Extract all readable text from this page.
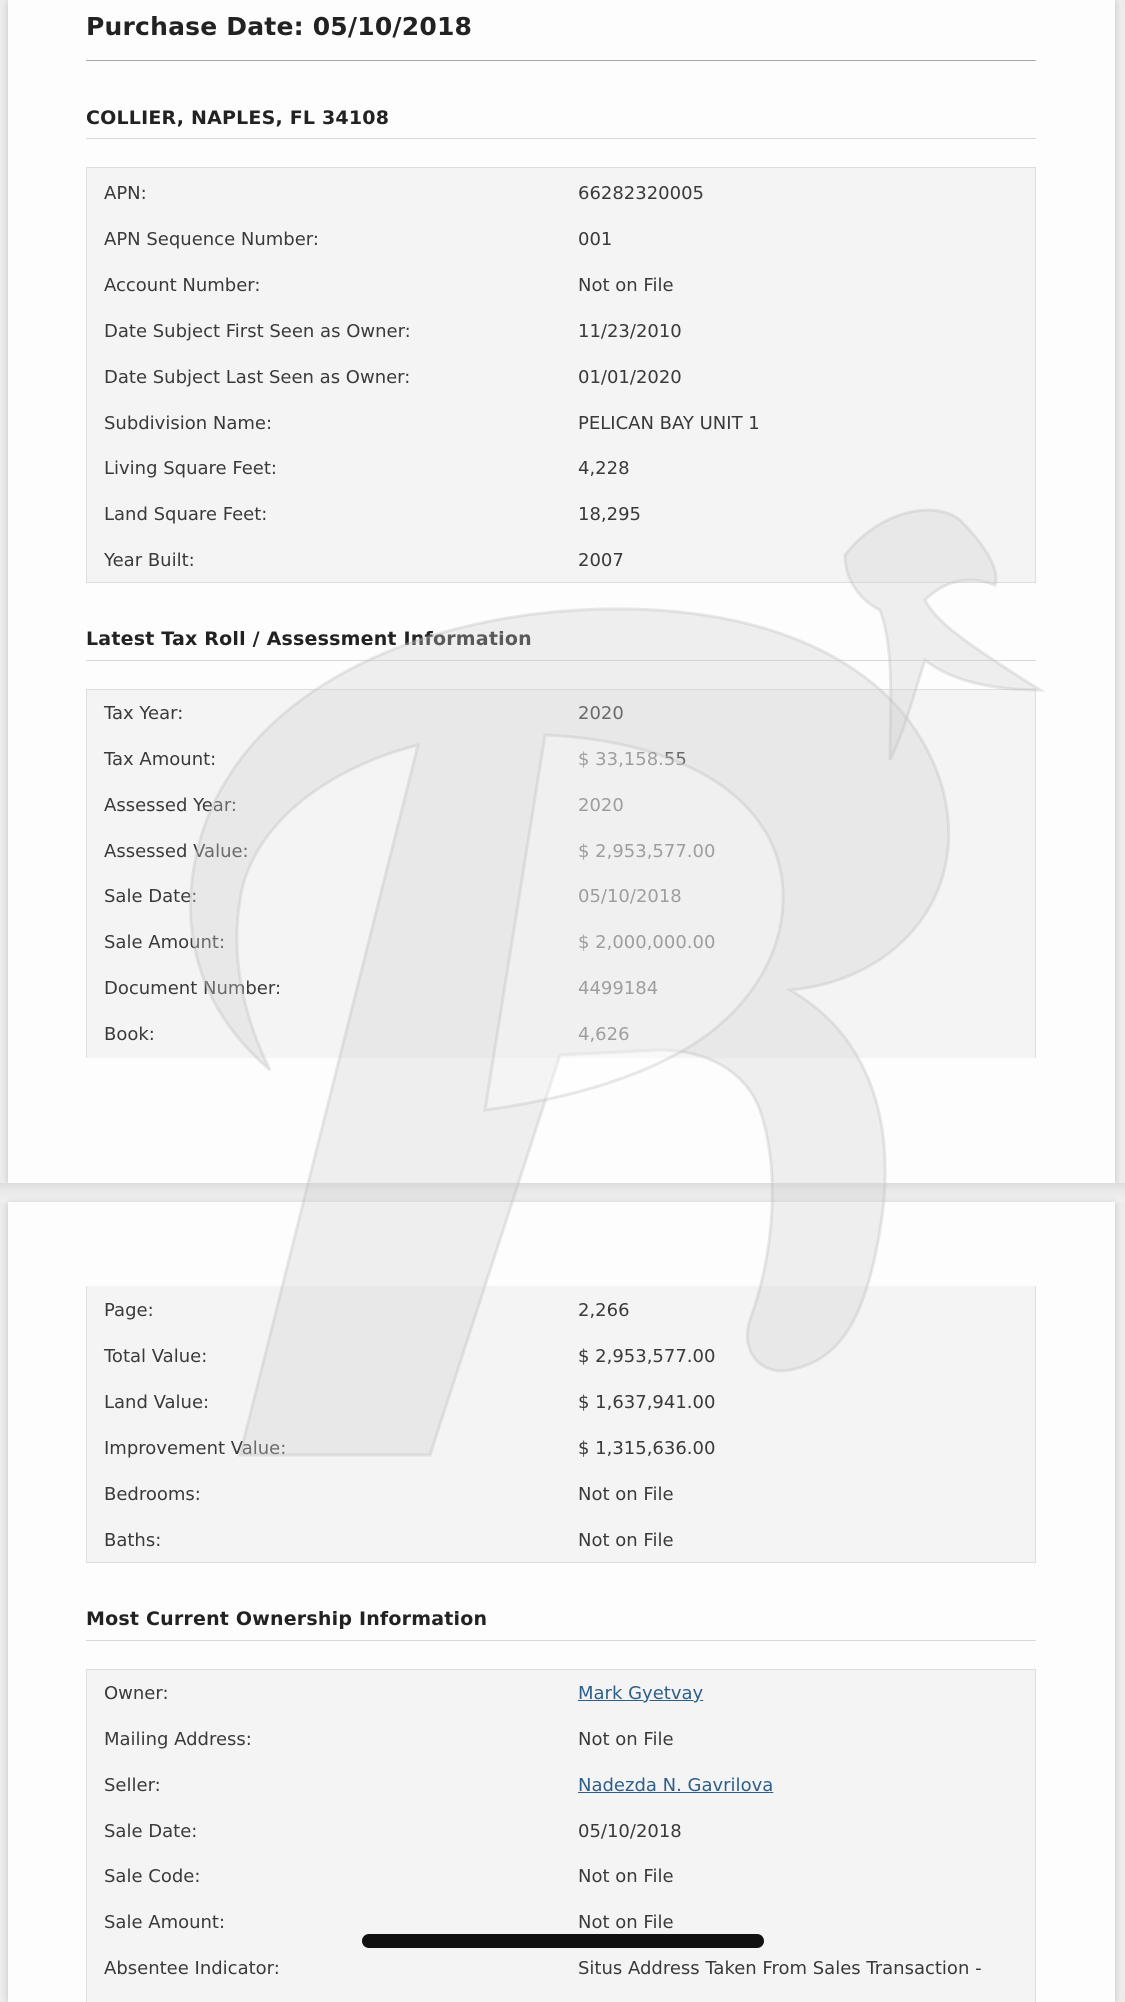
Purchase Date: 05/10/2018
COLLIER, NAPLES, FL 34108
APN:	66282320005
APN Sequence Number:	001
Account Number:	Not on File
Date Subject First Seen as Owner:	11/23/2010
Date Subject Last Seen as Owner:	01/01/2020
Subdivision Name:	PELICAN BAY UNIT 1
Living Square Feet:	4,228
Land Square Feet:	18,295
Year Built:	2007
Latest Tax Roll / Assessment Information
Tax Year:	2020
Tax Amount:	$ 33,158.55
Assessed Year:	2020
Assessed Value:	$ 2,953,577.00
Sale Date:	05/10/2018
Sale Amount:	$ 2,000,000.00
Document Number:	4499184
Book:	4,626
Page:	2,266
Total Value:	$ 2,953,577.00
Land Value:	$ 1,637,941.00
Improvement Value:	$ 1,315,636.00
Bedrooms:	Not on File
Baths:	Not on File
Most Current Ownership Information
Owner:	Mark Gyetvay
Mailing Address:	Not on File
Seller:	Nadezda N. Gavrilova
Sale Date:	05/10/2018
Sale Code:	Not on File
Sale Amount:	Not on File
Absentee Indicator:	Situs Address Taken From Sales Transaction -
